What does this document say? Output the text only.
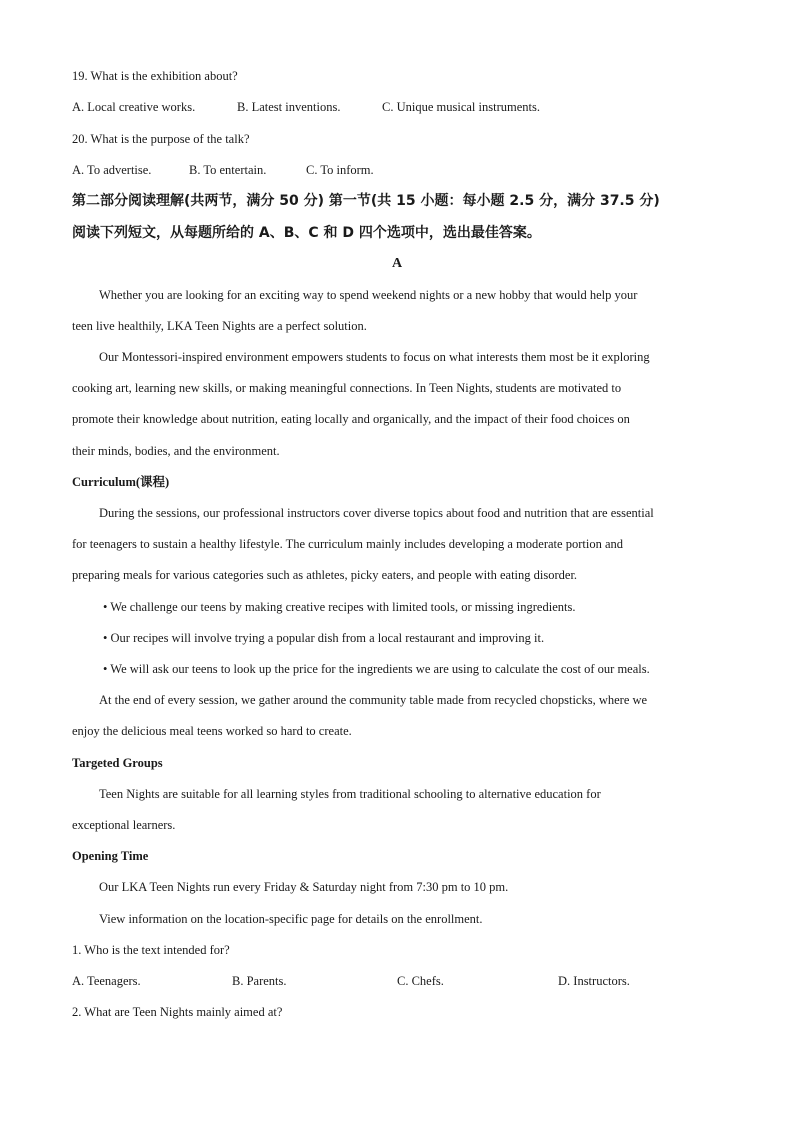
19. What is the exhibition about?
A. Local creative works.	B. Latest inventions.	C. Unique musical instruments.
20. What is the purpose of the talk?
A. To advertise.	B. To entertain.	C. To inform.
第二部分阅读理解(共两节，满分 50 分) 第一节(共 15 小题：每小题 2.5 分，满分 37.5 分)
阅读下列短文，从每题所给的 A、B、C 和 D 四个选项中，选出最佳答案。
A
Whether you are looking for an exciting way to spend weekend nights or a new hobby that would help your
teen live healthily, LKA Teen Nights are a perfect solution.
Our Montessori-inspired environment empowers students to focus on what interests them most be it exploring
cooking art, learning new skills, or making meaningful connections. In Teen Nights, students are motivated to
promote their knowledge about nutrition, eating locally and organically, and the impact of their food choices on
their minds, bodies, and the environment.
Curriculum(课程)
During the sessions, our professional instructors cover diverse topics about food and nutrition that are essential
for teenagers to sustain a healthy lifestyle. The curriculum mainly includes developing a moderate portion and
preparing meals for various categories such as athletes, picky eaters, and people with eating disorder.
• We challenge our teens by making creative recipes with limited tools, or missing ingredients.
• Our recipes will involve trying a popular dish from a local restaurant and improving it.
• We will ask our teens to look up the price for the ingredients we are using to calculate the cost of our meals.
At the end of every session, we gather around the community table made from recycled chopsticks, where we
enjoy the delicious meal teens worked so hard to create.
Targeted Groups
Teen Nights are suitable for all learning styles from traditional schooling to alternative education for
exceptional learners.
Opening Time
Our LKA Teen Nights run every Friday & Saturday night from 7:30 pm to 10 pm.
View information on the location-specific page for details on the enrollment.
1. Who is the text intended for?
A. Teenagers.	B. Parents.	C. Chefs.	D. Instructors.
2. What are Teen Nights mainly aimed at?
